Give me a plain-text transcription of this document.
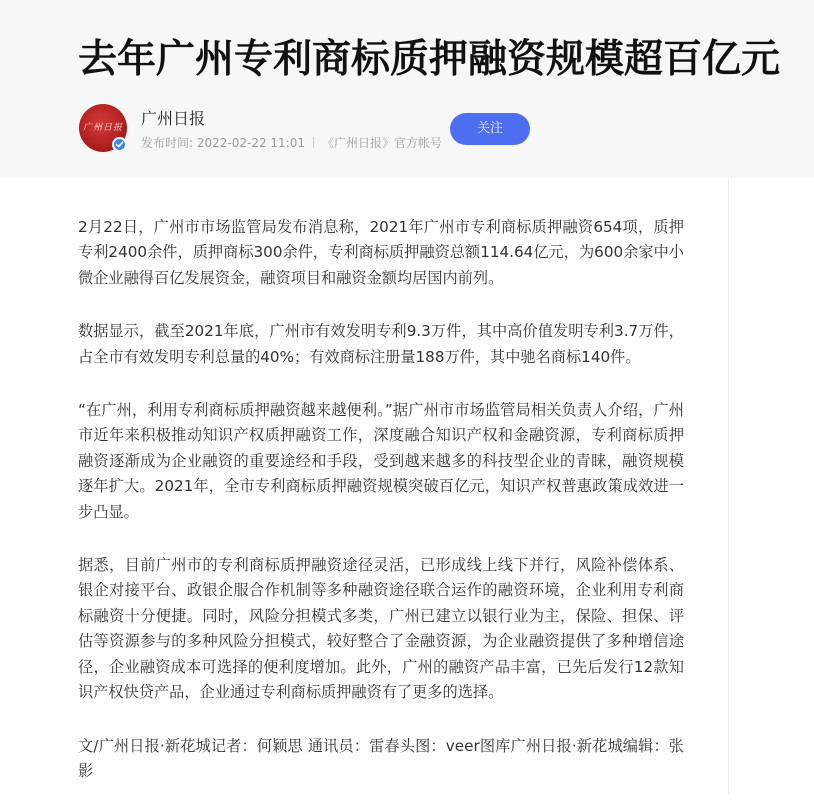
去年广州专利商标质押融资规模超百亿元
广州日报 广州日报
发布时间: 2022-02-22 11:01 《广州日报》官方帐号
关注

2月22日，广州市市场监管局发布消息称，2021年广州市专利商标质押融资654项，质押专利2400余件，质押商标300余件，专利商标质押融资总额114.64亿元，为600余家中小微企业融得百亿发展资金，融资项目和融资金额均居国内前列。

数据显示，截至2021年底，广州市有效发明专利9.3万件，其中高价值发明专利3.7万件，占全市有效发明专利总量的40%；有效商标注册量188万件，其中驰名商标140件。

“在广州，利用专利商标质押融资越来越便利。”据广州市市场监管局相关负责人介绍，广州市近年来积极推动知识产权质押融资工作，深度融合知识产权和金融资源，专利商标质押融资逐渐成为企业融资的重要途经和手段，受到越来越多的科技型企业的青睐，融资规模逐年扩大。2021年，全市专利商标质押融资规模突破百亿元，知识产权普惠政策成效进一步凸显。

据悉，目前广州市的专利商标质押融资途径灵活，已形成线上线下并行，风险补偿体系、银企对接平台、政银企服合作机制等多种融资途径联合运作的融资环境，企业利用专利商标融资十分便捷。同时，风险分担模式多类，广州已建立以银行业为主，保险、担保、评估等资源参与的多种风险分担模式，较好整合了金融资源，为企业融资提供了多种增信途径，企业融资成本可选择的便利度增加。此外，广州的融资产品丰富，已先后发行12款知识产权快贷产品，企业通过专利商标质押融资有了更多的选择。

文/广州日报·新花城记者：何颖思 通讯员：雷春头图：veer图库广州日报·新花城编辑：张影
